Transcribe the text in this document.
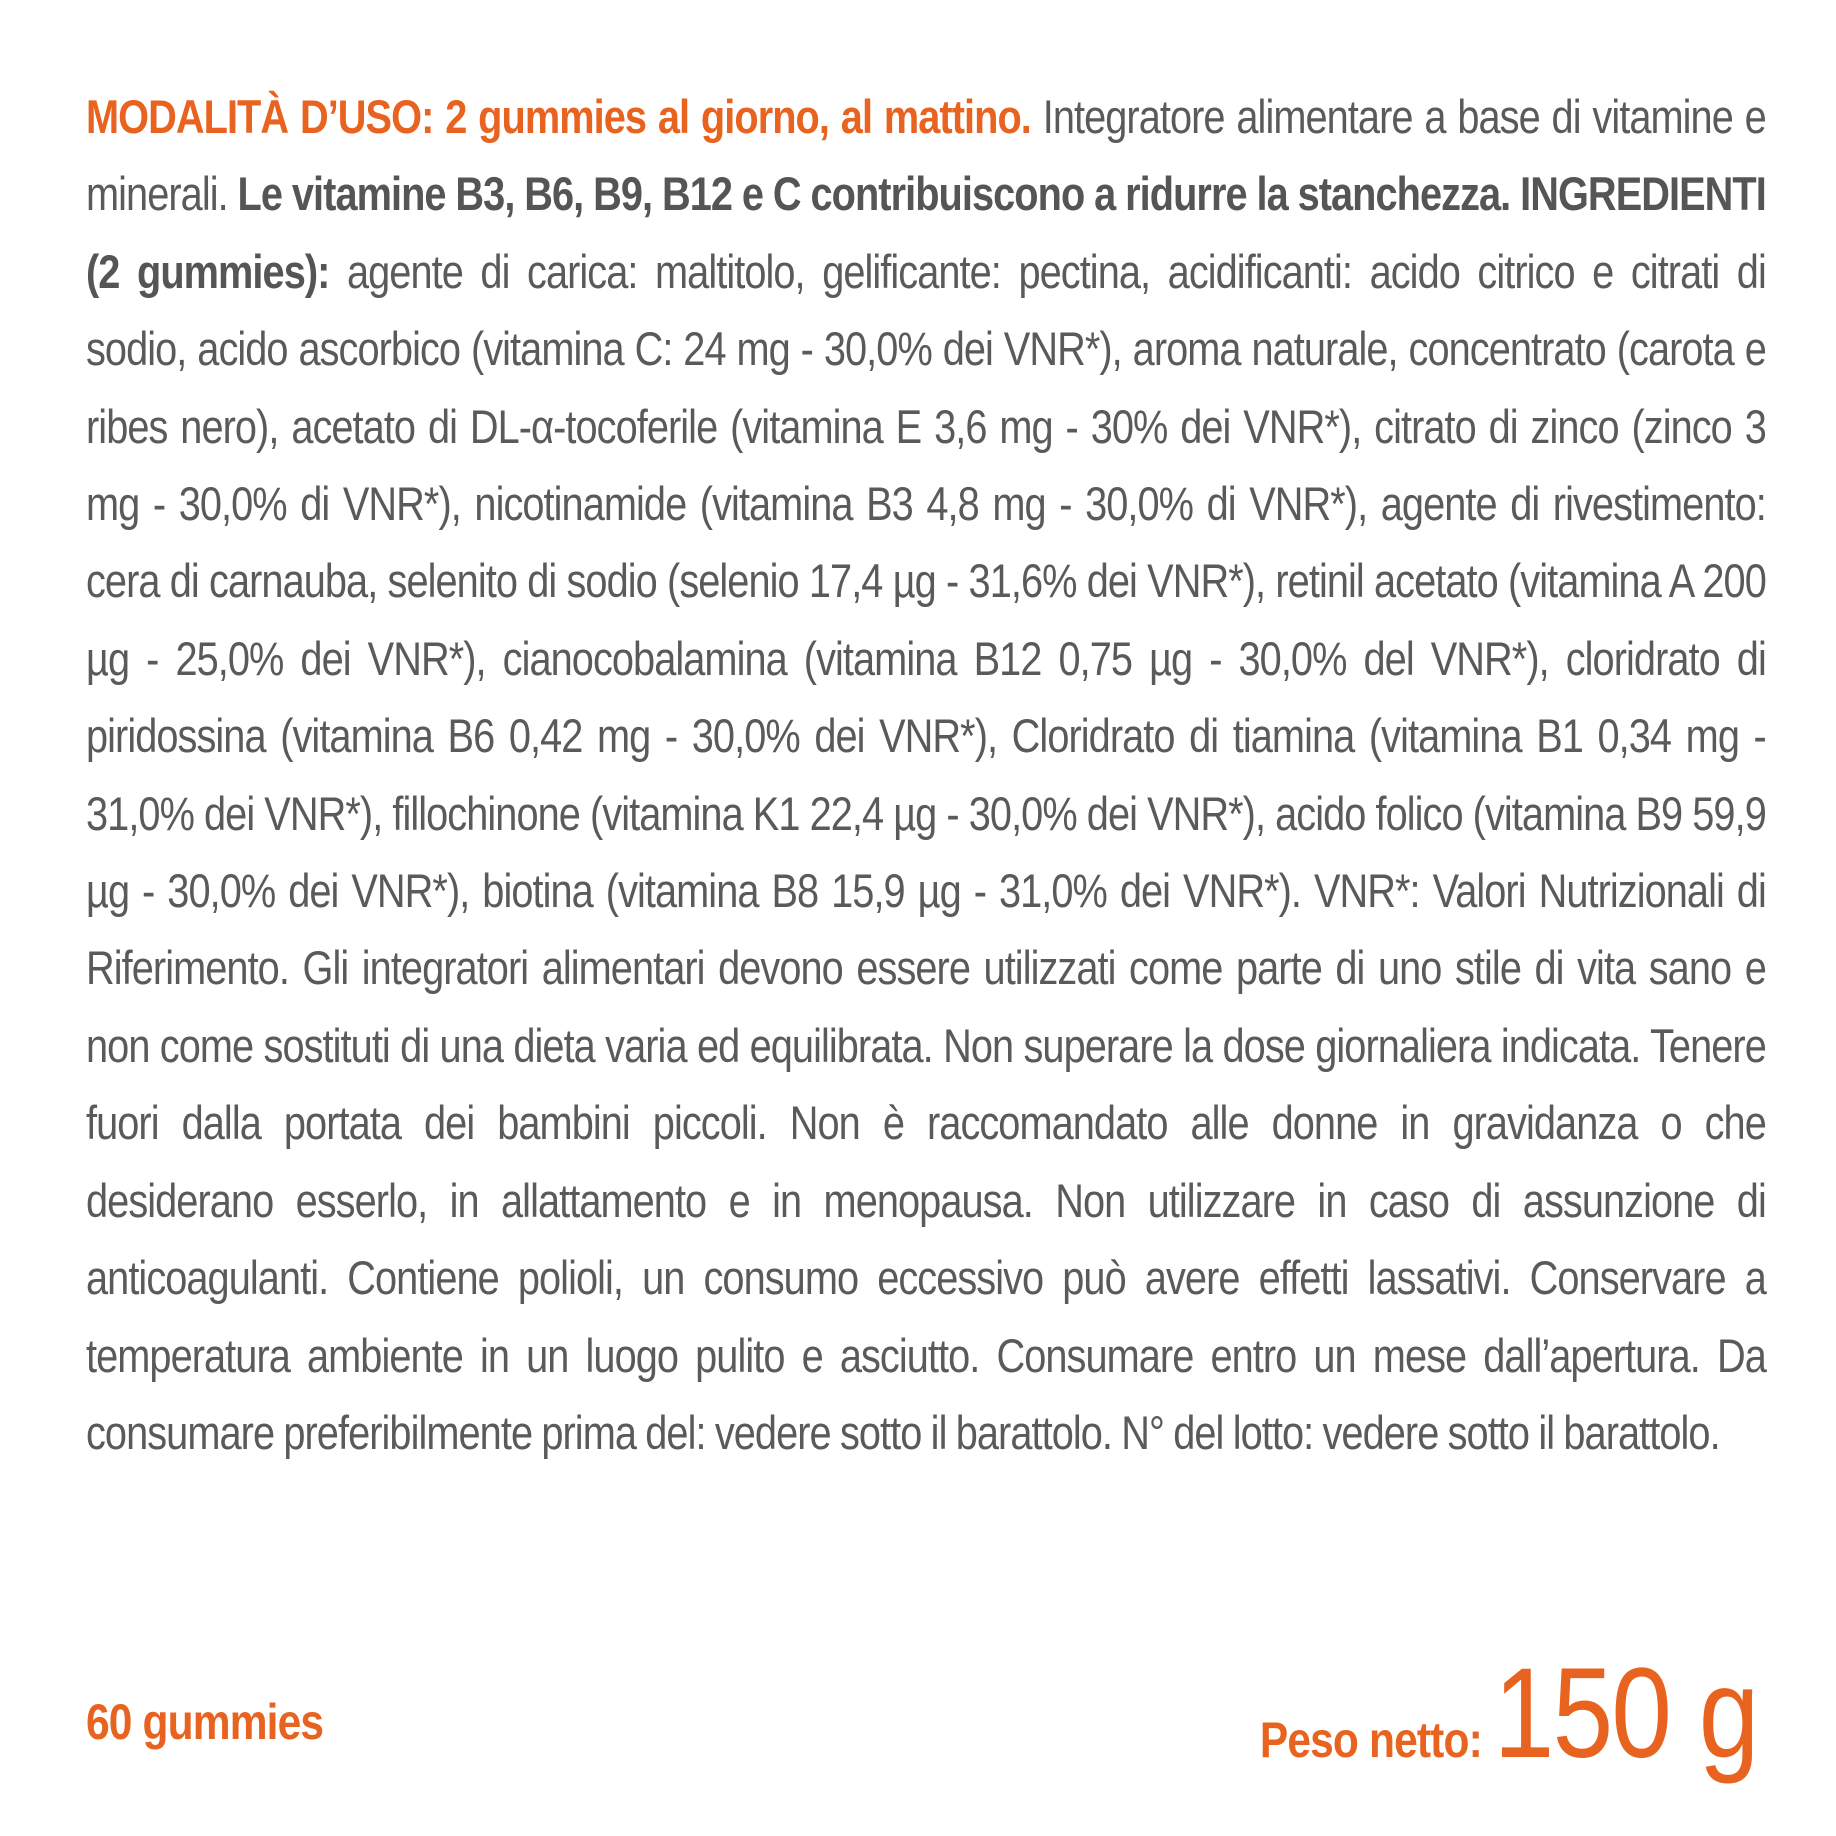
MODALITÀ D’USO: 2 gummies al giorno, al mattino. Integratore alimentare a base di vitamine e minerali. Le vitamine B3, B6, B9, B12 e C contribuiscono a ridurre la stanchezza. INGREDIENTI (2 gummies): agente di carica: maltitolo, gelificante: pectina, acidificanti: acido citrico e citrati di sodio, acido ascorbico (vitamina C: 24 mg - 30,0% dei VNR*), aroma naturale, concentrato (carota e ribes nero), acetato di DL-α-tocoferile (vitamina E 3,6 mg - 30% dei VNR*), citrato di zinco (zinco 3 mg - 30,0% di VNR*), nicotinamide (vitamina B3 4,8 mg - 30,0% di VNR*), agente di rivestimento: cera di carnauba, selenito di sodio (selenio 17,4 µg - 31,6% dei VNR*), retinil acetato (vitamina A 200 µg - 25,0% dei VNR*), cianocobalamina (vitamina B12 0,75 µg - 30,0% del VNR*), cloridrato di piridossina (vitamina B6 0,42 mg - 30,0% dei VNR*), Cloridrato di tiamina (vitamina B1 0,34 mg - 31,0% dei VNR*), fillochinone (vitamina K1 22,4 µg - 30,0% dei VNR*), acido folico (vitamina B9 59,9 µg - 30,0% dei VNR*), biotina (vitamina B8 15,9 µg - 31,0% dei VNR*). VNR*: Valori Nutrizionali di Riferimento. Gli integratori alimentari devono essere utilizzati come parte di uno stile di vita sano e non come sostituti di una dieta varia ed equilibrata. Non superare la dose giornaliera indicata. Tenere fuori dalla portata dei bambini piccoli. Non è raccomandato alle donne in gravidanza o che desiderano esserlo, in allattamento e in menopausa. Non utilizzare in caso di assunzione di anticoagulanti. Contiene polioli, un consumo eccessivo può avere effetti lassativi. Conservare a temperatura ambiente in un luogo pulito e asciutto. Consumare entro un mese dall’apertura. Da consumare preferibilmente prima del: vedere sotto il barattolo. N° del lotto: vedere sotto il barattolo.
60 gummies	Peso netto:150 g
